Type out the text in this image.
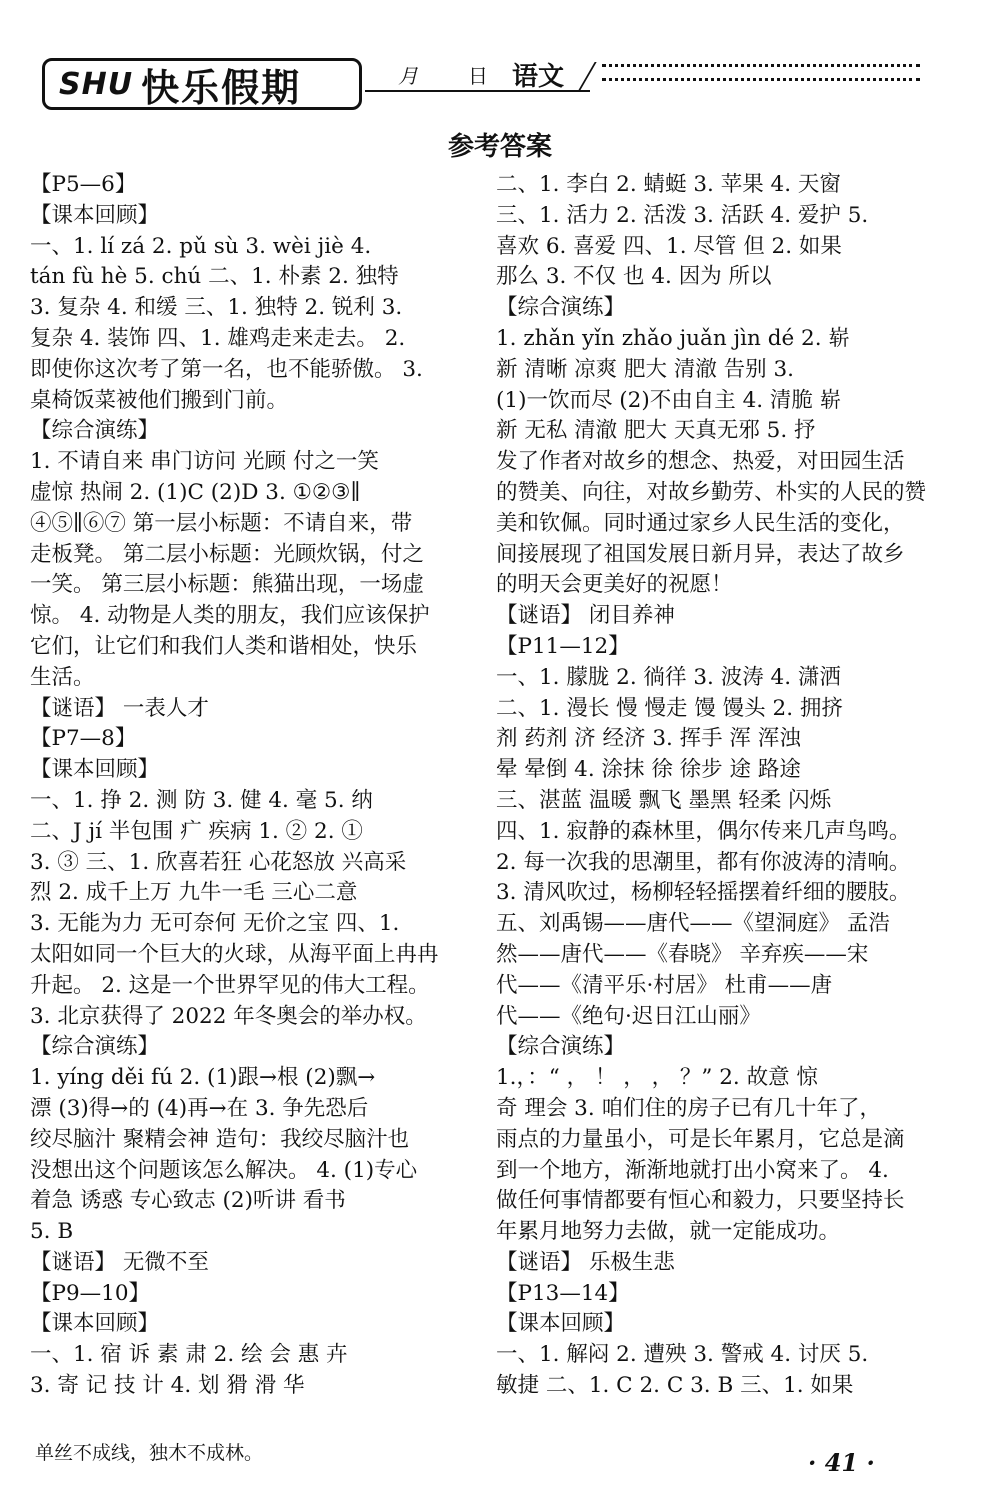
SHU 快乐假期	月	日 语文
参考答案
【P5—6】
【课本回顾】
一、1. lí zá 2. pǔ sù 3. wèi jiè 4.
tán fù hè 5. chú 二、1. 朴素 2. 独特
3. 复杂 4. 和缓 三、1. 独特 2. 锐利 3.
复杂 4. 装饰 四、1. 雄鸡走来走去。 2.
即使你这次考了第一名，也不能骄傲。 3.
桌椅饭菜被他们搬到门前。
【综合演练】
1. 不请自来 串门访问 光顾 付之一笑
虚惊 热闹 2. (1)C (2)D 3. ①②③∥
④⑤∥⑥⑦ 第一层小标题：不请自来，带
走板凳。 第二层小标题：光顾炊锅，付之
一笑。 第三层小标题：熊猫出现，一场虚
惊。 4. 动物是人类的朋友，我们应该保护
它们，让它们和我们人类和谐相处，快乐
生活。
【谜语】 一表人才
【P7—8】
【课本回顾】
一、1. 挣 2. 测 防 3. 健 4. 毫 5. 纳
二、J jí 半包围 疒 疾病 1. ② 2. ①
3. ③ 三、1. 欣喜若狂 心花怒放 兴高采
烈 2. 成千上万 九牛一毛 三心二意
3. 无能为力 无可奈何 无价之宝 四、1.
太阳如同一个巨大的火球，从海平面上冉冉
升起。 2. 这是一个世界罕见的伟大工程。
3. 北京获得了 2022 年冬奥会的举办权。
【综合演练】
1. yíng děi fú 2. (1)跟→根 (2)飘→
漂 (3)得→的 (4)再→在 3. 争先恐后
绞尽脑汁 聚精会神 造句：我绞尽脑汁也
没想出这个问题该怎么解决。 4. (1)专心
着急 诱惑 专心致志 (2)听讲 看书
5. B
【谜语】 无微不至
【P9—10】
【课本回顾】
一、1. 宿 诉 素 肃 2. 绘 会 惠 卉
3. 寄 记 技 计 4. 划 猾 滑 华
二、1. 李白 2. 蜻蜓 3. 苹果 4. 天窗
三、1. 活力 2. 活泼 3. 活跃 4. 爱护 5.
喜欢 6. 喜爱 四、1. 尽管 但 2. 如果
那么 3. 不仅 也 4. 因为 所以
【综合演练】
1. zhǎn yǐn zhǎo juǎn jìn dé 2. 崭
新 清晰 凉爽 肥大 清澈 告别 3.
(1)一饮而尽 (2)不由自主 4. 清脆 崭
新 无私 清澈 肥大 天真无邪 5. 抒
发了作者对故乡的想念、热爱，对田园生活
的赞美、向往，对故乡勤劳、朴实的人民的赞
美和钦佩。同时通过家乡人民生活的变化，
间接展现了祖国发展日新月异，表达了故乡
的明天会更美好的祝愿！
【谜语】 闭目养神
【P11—12】
一、1. 朦胧 2. 徜徉 3. 波涛 4. 潇洒
二、1. 漫长 慢 慢走 馒 馒头 2. 拥挤
剂 药剂 济 经济 3. 挥手 浑 浑浊
晕 晕倒 4. 涂抹 徐 徐步 途 路途
三、湛蓝 温暖 飘飞 墨黑 轻柔 闪烁
四、1. 寂静的森林里，偶尔传来几声鸟鸣。
2. 每一次我的思潮里，都有你波涛的清响。
3. 清风吹过，杨柳轻轻摇摆着纤细的腰肢。
五、刘禹锡——唐代——《望洞庭》 孟浩
然——唐代——《春晓》 辛弃疾——宋
代——《清平乐·村居》 杜甫——唐
代——《绝句·迟日江山丽》
【综合演练】
1.，：“ ， ！ ， ， ？” 2. 故意 惊
奇 理会 3. 咱们住的房子已有几十年了，
雨点的力量虽小，可是长年累月，它总是滴
到一个地方，渐渐地就打出小窝来了。 4.
做任何事情都要有恒心和毅力，只要坚持长
年累月地努力去做，就一定能成功。
【谜语】 乐极生悲
【P13—14】
【课本回顾】
一、1. 解闷 2. 遭殃 3. 警戒 4. 讨厌 5.
敏捷 二、1. C 2. C 3. B 三、1. 如果
单丝不成线，独木不成林。	· 41 ·
